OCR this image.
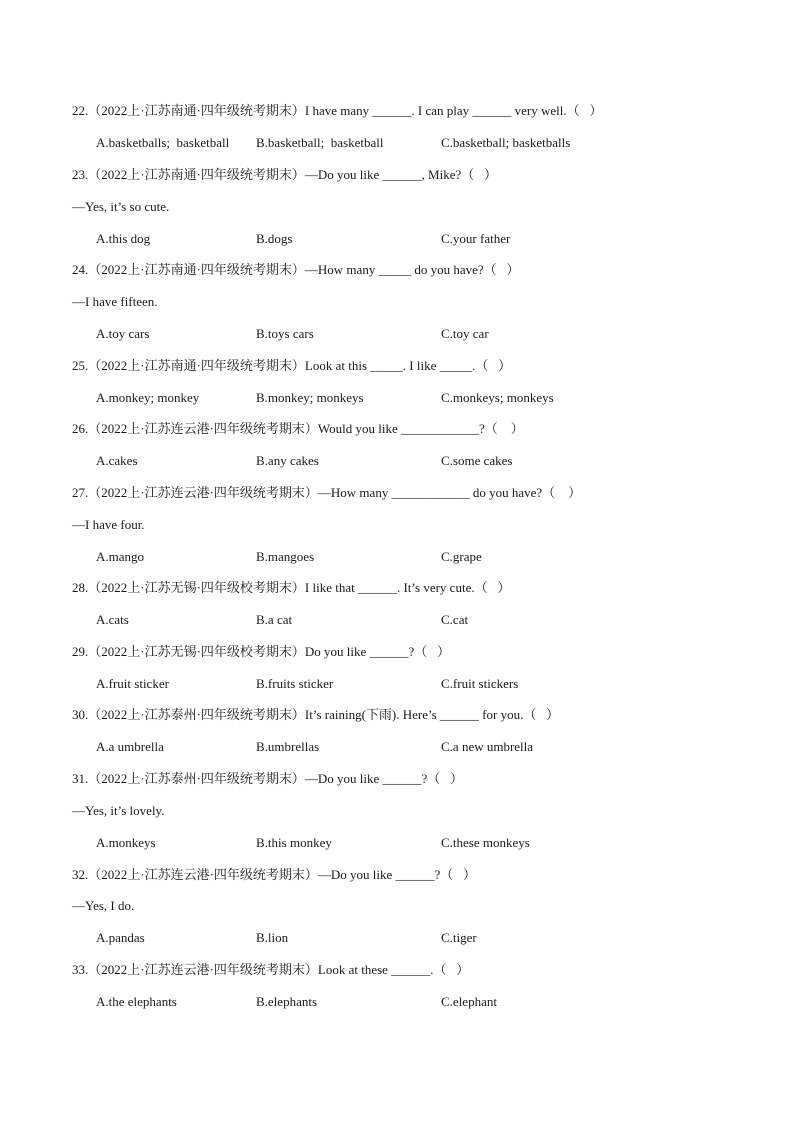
22.（2022上·江苏南通·四年级统考期末）I have many ______. I can play ______ very well.（   ）
A.basketballs;  basketball B.basketball;  basketball	C.basketball; basketballs
23.（2022上·江苏南通·四年级统考期末）—Do you like ______, Mike?（   ）
—Yes, it’s so cute.
A.this dog	B.dogs	C.your father
24.（2022上·江苏南通·四年级统考期末）—How many _____ do you have?（   ）
—I have fifteen.
A.toy cars	B.toys cars	C.toy car
25.（2022上·江苏南通·四年级统考期末）Look at this _____. I like _____.（   ）
A.monkey; monkey	B.monkey; monkeys	C.monkeys; monkeys
26.（2022上·江苏连云港·四年级统考期末）Would you like ____________?（    ）
A.cakes	B.any cakes	C.some cakes
27.（2022上·江苏连云港·四年级统考期末）—How many ____________ do you have?（    ）
—I have four.
A.mango	B.mangoes	C.grape
28.（2022上·江苏无锡·四年级校考期末）I like that ______. It’s very cute.（   ）
A.cats	B.a cat	C.cat
29.（2022上·江苏无锡·四年级校考期末）Do you like ______?（   ）
A.fruit sticker	B.fruits sticker	C.fruit stickers
30.（2022上·江苏泰州·四年级统考期末）It’s raining(下雨). Here’s ______ for you.（   ）
A.a umbrella	B.umbrellas	C.a new umbrella
31.（2022上·江苏泰州·四年级统考期末）—Do you like ______?（   ）
—Yes, it’s lovely.
A.monkeys	B.this monkey	C.these monkeys
32.（2022上·江苏连云港·四年级统考期末）—Do you like ______?（   ）
—Yes, I do.
A.pandas	B.lion	C.tiger
33.（2022上·江苏连云港·四年级统考期末）Look at these ______.（   ）
A.the elephants	B.elephants	C.elephant
